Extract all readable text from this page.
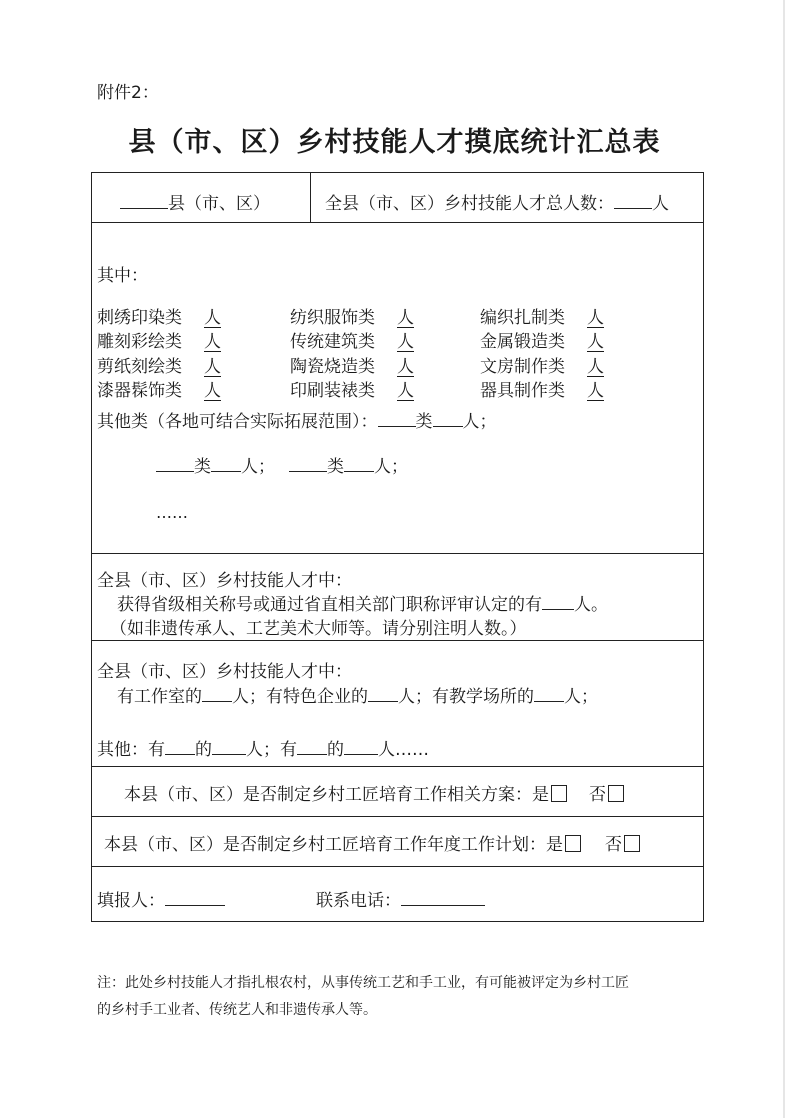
附件2：
县（市、区）乡村技能人才摸底统计汇总表
县（市、区）	全县（市、区）乡村技能人才总人数： 人
其中：
刺绣印染类 人	纺织服饰类 人	编织扎制类 人
雕刻彩绘类 人	传统建筑类 人	金属锻造类 人
剪纸刻绘类 人	陶瓷烧造类 人	文房制作类 人
漆器髹饰类 人	印刷装裱类 人	器具制作类 人
其他类（各地可结合实际拓展范围）： 类 人；
类 人；	类 人；
……
全县（市、区）乡村技能人才中：
获得省级相关称号或通过省直相关部门职称评审认定的有 人。
（如非遗传承人、工艺美术大师等。请分别注明人数。）
全县（市、区）乡村技能人才中：
有工作室的 人；有特色企业的 人；有教学场所的 人；
其他：有 的 人；有 的 人……
本县（市、区）是否制定乡村工匠培育工作相关方案：是 否
本县（市、区）是否制定乡村工匠培育工作年度工作计划：是 否
填报人：	联系电话：
注：此处乡村技能人才指扎根农村，从事传统工艺和手工业，有可能被评定为乡村工匠
的乡村手工业者、传统艺人和非遗传承人等。
